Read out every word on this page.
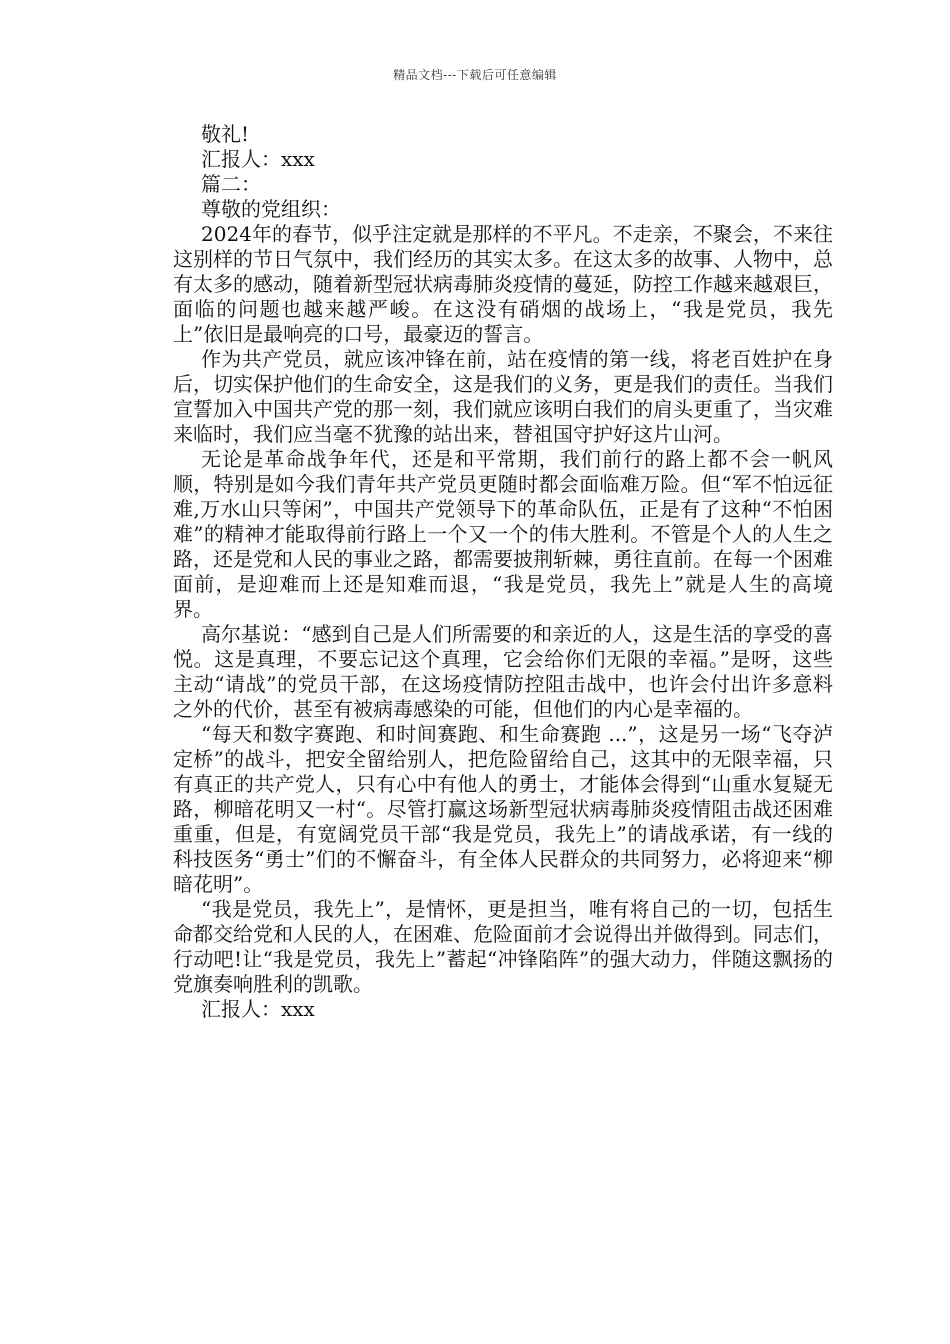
精品文档---下载后可任意编辑

敬礼!

汇报人：xxx

篇二：

尊敬的党组织：

2024年的春节，似乎注定就是那样的不平凡。不走亲，不聚会，不来往这别样的节日气氛中，我们经历的其实太多。在这太多的故事、人物中，总有太多的感动，随着新型冠状病毒肺炎疫情的蔓延，防控工作越来越艰巨，面临的问题也越来越严峻。在这没有硝烟的战场上，“我是党员，我先上”依旧是最响亮的口号，最豪迈的誓言。

作为共产党员，就应该冲锋在前，站在疫情的第一线，将老百姓护在身后，切实保护他们的生命安全，这是我们的义务，更是我们的责任。当我们宣誓加入中国共产党的那一刻，我们就应该明白我们的肩头更重了，当灾难来临时，我们应当毫不犹豫的站出来，替祖国守护好这片山河。

无论是革命战争年代，还是和平常期，我们前行的路上都不会一帆风顺，特别是如今我们青年共产党员更随时都会面临难万险。但“军不怕远征难,万水山只等闲”，中国共产党领导下的革命队伍，正是有了这种“不怕困难”的精神才能取得前行路上一个又一个的伟大胜利。不管是个人的人生之路，还是党和人民的事业之路，都需要披荆斩棘，勇往直前。在每一个困难面前，是迎难而上还是知难而退，“我是党员，我先上”就是人生的高境界。

高尔基说：“感到自己是人们所需要的和亲近的人，这是生活的享受的喜悦。这是真理，不要忘记这个真理，它会给你们无限的幸福。”是呀，这些主动“请战”的党员干部，在这场疫情防控阻击战中，也许会付出许多意料之外的代价，甚至有被病毒感染的可能，但他们的内心是幸福的。

“每天和数字赛跑、和时间赛跑、和生命赛跑 ...”，这是另一场“飞夺泸定桥”的战斗，把安全留给别人，把危险留给自己，这其中的无限幸福，只有真正的共产党人，只有心中有他人的勇士，才能体会得到“山重水复疑无路，柳暗花明又一村“。尽管打赢这场新型冠状病毒肺炎疫情阻击战还困难重重，但是，有宽阔党员干部“我是党员，我先上”的请战承诺，有一线的科技医务“勇士”们的不懈奋斗，有全体人民群众的共同努力，必将迎来“柳暗花明”。

“我是党员，我先上”，是情怀，更是担当，唯有将自己的一切，包括生命都交给党和人民的人，在困难、危险面前才会说得出并做得到。同志们，行动吧!让“我是党员，我先上”蓄起“冲锋陷阵”的强大动力，伴随这飘扬的党旗奏响胜利的凯歌。

汇报人：xxx
